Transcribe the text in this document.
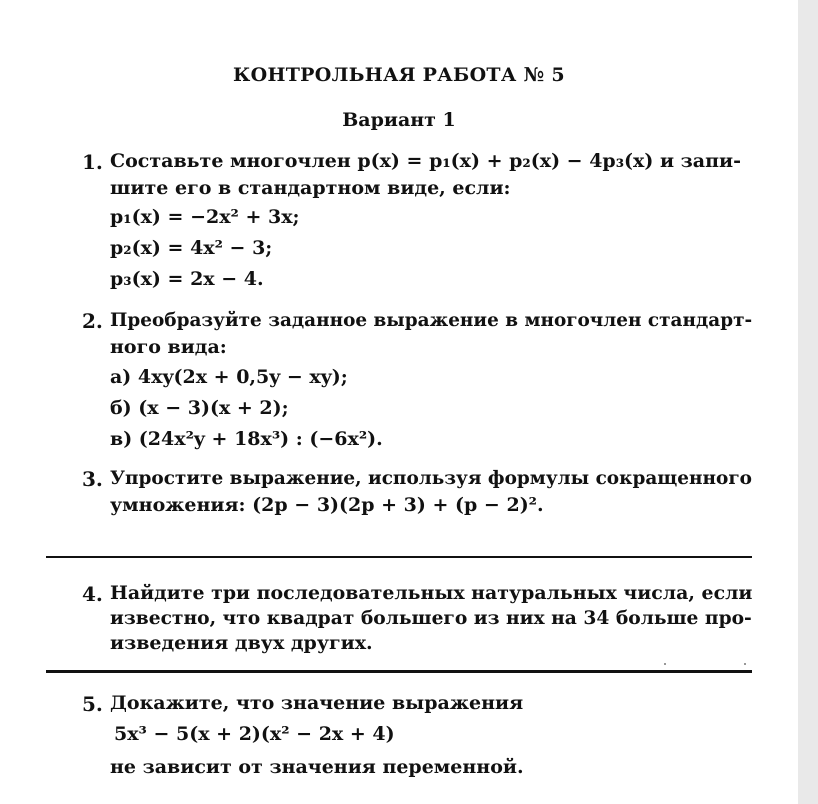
КОНТРОЛЬНАЯ РАБОТА № 5
Вариант 1
1. Составьте многочлен p(x) = p₁(x) + p₂(x) − 4p₃(x) и запи-
шите его в стандартном виде, если:
p₁(x) = −2x² + 3x;
p₂(x) = 4x² − 3;
p₃(x) = 2x − 4.
2. Преобразуйте заданное выражение в многочлен стандарт-
ного вида:
а) 4xy(2x + 0,5y − xy);
б) (x − 3)(x + 2);
в) (24x²y + 18x³) : (−6x²).
3. Упростите выражение, используя формулы сокращенного
умножения: (2p − 3)(2p + 3) + (p − 2)².
4. Найдите три последовательных натуральных числа, если
известно, что квадрат большего из них на 34 больше про-
изведения двух других.
5. Докажите, что значение выражения
5x³ − 5(x + 2)(x² − 2x + 4)
не зависит от значения переменной.
